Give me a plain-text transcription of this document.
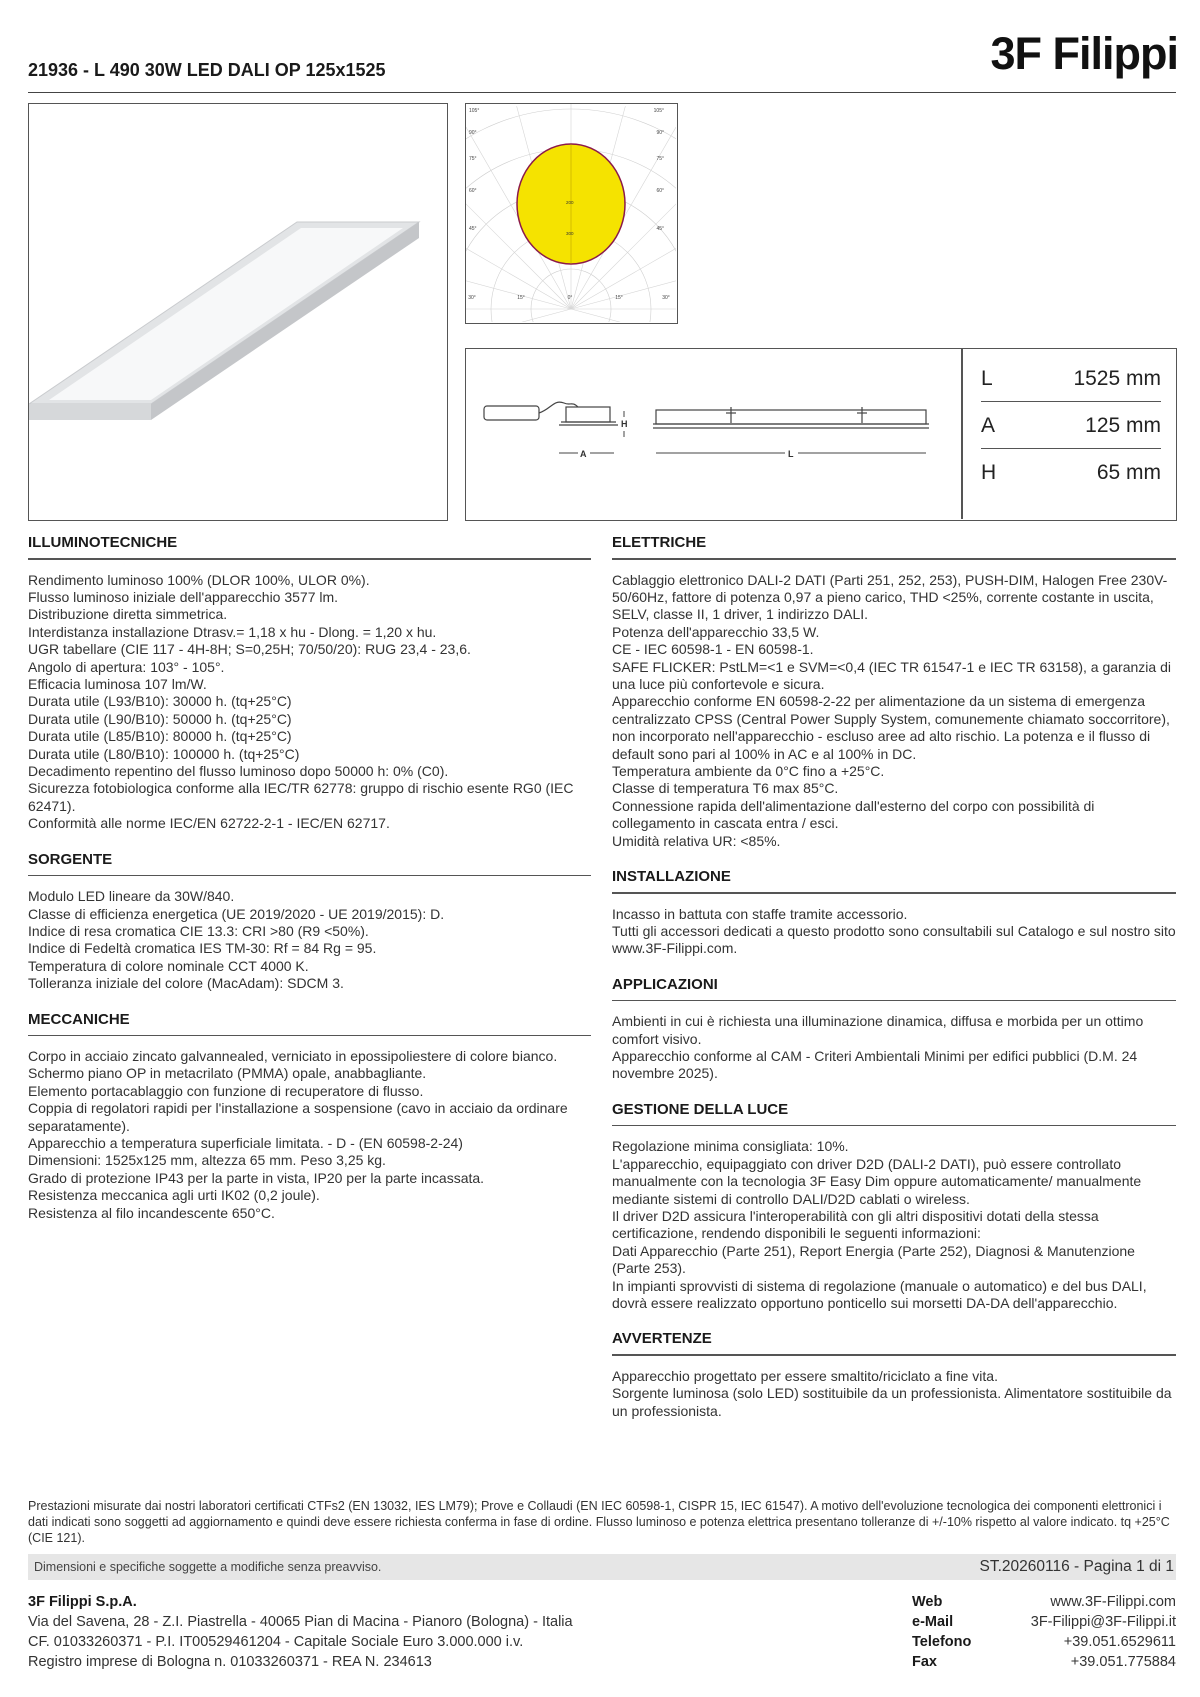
21936 - L 490 30W LED DALI OP 125x1525	3F Filippi
200
300
105°
90°
75°
60°
45°
105°
90°
75°
60°
45°
30°	15°	0°	15°	30°
H
A	L
L	1525 mm
A	125 mm
H	65 mm
ILLUMINOTECNICHE
Rendimento luminoso 100% (DLOR 100%, ULOR 0%).
Flusso luminoso iniziale dell'apparecchio 3577 lm.
Distribuzione diretta simmetrica.
Interdistanza installazione Dtrasv.= 1,18 x hu - Dlong. = 1,20 x hu.
UGR tabellare (CIE 117 - 4H-8H; S=0,25H; 70/50/20): RUG 23,4 - 23,6.
Angolo di apertura: 103° - 105°.
Efficacia luminosa 107 lm/W.
Durata utile (L93/B10): 30000 h. (tq+25°C)
Durata utile (L90/B10): 50000 h. (tq+25°C)
Durata utile (L85/B10): 80000 h. (tq+25°C)
Durata utile (L80/B10): 100000 h. (tq+25°C)
Decadimento repentino del flusso luminoso dopo 50000 h: 0% (C0).
Sicurezza fotobiologica conforme alla IEC/TR 62778: gruppo di rischio esente RG0 (IEC 62471).
Conformità alle norme IEC/EN 62722-2-1 - IEC/EN 62717.
SORGENTE
Modulo LED lineare da 30W/840.
Classe di efficienza energetica (UE 2019/2020 - UE 2019/2015): D.
Indice di resa cromatica CIE 13.3: CRI >80 (R9 <50%).
Indice di Fedeltà cromatica IES TM-30: Rf = 84 Rg = 95.
Temperatura di colore nominale CCT 4000 K.
Tolleranza iniziale del colore (MacAdam): SDCM 3.
MECCANICHE
Corpo in acciaio zincato galvannealed, verniciato in epossipoliestere di colore bianco.
Schermo piano OP in metacrilato (PMMA) opale, anabbagliante.
Elemento portacablaggio con funzione di recuperatore di flusso.
Coppia di regolatori rapidi per l'installazione a sospensione (cavo in acciaio da ordinare separatamente).
Apparecchio a temperatura superficiale limitata. - D - (EN 60598-2-24)
Dimensioni: 1525x125 mm, altezza 65 mm. Peso 3,25 kg.
Grado di protezione IP43 per la parte in vista, IP20 per la parte incassata.
Resistenza meccanica agli urti IK02 (0,2 joule).
Resistenza al filo incandescente 650°C.
ELETTRICHE
Cablaggio elettronico DALI-2 DATI (Parti 251, 252, 253), PUSH-DIM, Halogen Free 230V-50/60Hz, fattore di potenza 0,97 a pieno carico, THD <25%, corrente costante in uscita, SELV, classe II, 1 driver, 1 indirizzo DALI.
Potenza dell'apparecchio 33,5 W.
CE - IEC 60598-1 - EN 60598-1.
SAFE FLICKER: PstLM=<1 e SVM=<0,4 (IEC TR 61547-1 e IEC TR 63158), a garanzia di una luce più confortevole e sicura.
Apparecchio conforme EN 60598-2-22 per alimentazione da un sistema di emergenza centralizzato CPSS (Central Power Supply System, comunemente chiamato soccorritore), non incorporato nell'apparecchio - escluso aree ad alto rischio. La potenza e il flusso di default sono pari al 100% in AC e al 100% in DC.
Temperatura ambiente da 0°C fino a +25°C.
Classe di temperatura T6 max 85°C.
Connessione rapida dell'alimentazione dall'esterno del corpo con possibilità di collegamento in cascata entra / esci.
Umidità relativa UR: <85%.
INSTALLAZIONE
Incasso in battuta con staffe tramite accessorio.
Tutti gli accessori dedicati a questo prodotto sono consultabili sul Catalogo e sul nostro sito www.3F-Filippi.com.
APPLICAZIONI
Ambienti in cui è richiesta una illuminazione dinamica, diffusa e morbida per un ottimo comfort visivo.
Apparecchio conforme al CAM - Criteri Ambientali Minimi per edifici pubblici (D.M. 24 novembre 2025).
GESTIONE DELLA LUCE
Regolazione minima consigliata: 10%.
L'apparecchio, equipaggiato con driver D2D (DALI-2 DATI), può essere controllato manualmente con la tecnologia 3F Easy Dim oppure automaticamente/ manualmente mediante sistemi di controllo DALI/D2D cablati o wireless.
Il driver D2D assicura l'interoperabilità con gli altri dispositivi dotati della stessa certificazione, rendendo disponibili le seguenti informazioni:
Dati Apparecchio (Parte 251), Report Energia (Parte 252), Diagnosi & Manutenzione (Parte 253).
In impianti sprovvisti di sistema di regolazione (manuale o automatico) e del bus DALI, dovrà essere realizzato opportuno ponticello sui morsetti DA-DA dell'apparecchio.
AVVERTENZE
Apparecchio progettato per essere smaltito/riciclato a fine vita.
Sorgente luminosa (solo LED) sostituibile da un professionista. Alimentatore sostituibile da un professionista.
Prestazioni misurate dai nostri laboratori certificati CTFs2 (EN 13032, IES LM79); Prove e Collaudi (EN IEC 60598-1, CISPR 15, IEC 61547). A motivo dell'evoluzione tecnologica dei componenti elettronici i dati indicati sono soggetti ad aggiornamento e quindi deve essere richiesta conferma in fase di ordine. Flusso luminoso e potenza elettrica presentano tolleranze di +/-10% rispetto al valore indicato. tq +25°C (CIE 121).
Dimensioni e specifiche soggette a modifiche senza preavviso.	ST.20260116 - Pagina 1 di 1
3F Filippi S.p.A.
Via del Savena, 28 - Z.I. Piastrella - 40065 Pian di Macina - Pianoro (Bologna) - Italia
CF. 01033260371 - P.I. IT00529461204 - Capitale Sociale Euro 3.000.000 i.v.
Registro imprese di Bologna n. 01033260371 - REA N. 234613
Web	www.3F-Filippi.com
e-Mail	3F-Filippi@3F-Filippi.it
Telefono	+39.051.6529611
Fax	+39.051.775884
